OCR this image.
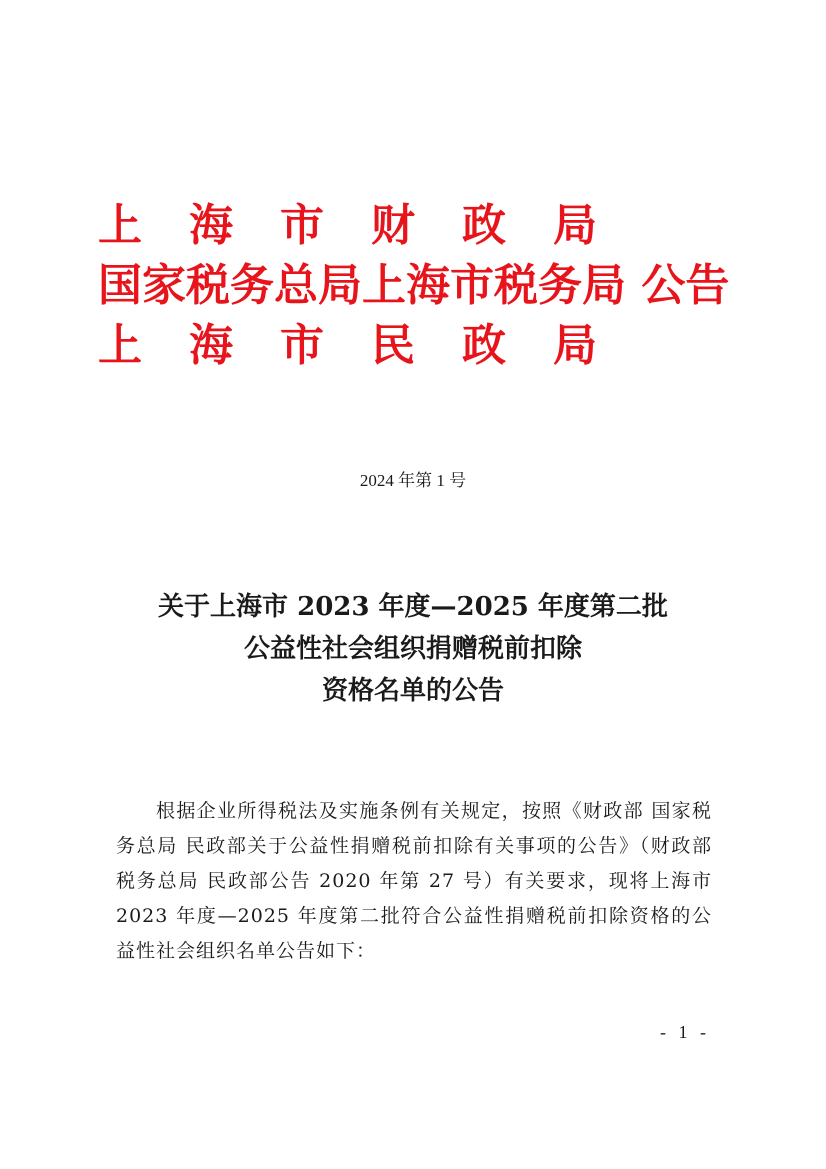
上海市财政局
国家税务总局上海市税务局 公告
上海市民政局
2024 年第 1 号
关于上海市 2023 年度—2025 年度第二批
公益性社会组织捐赠税前扣除
资格名单的公告

根据企业所得税法及实施条例有关规定，按照《财政部 国家税务总局 民政部关于公益性捐赠税前扣除有关事项的公告》（财政部 税务总局 民政部公告 2020 年第 27 号）有关要求，现将上海市 2023 年度—2025 年度第二批符合公益性捐赠税前扣除资格的公益性社会组织名单公告如下：

- 1 -
